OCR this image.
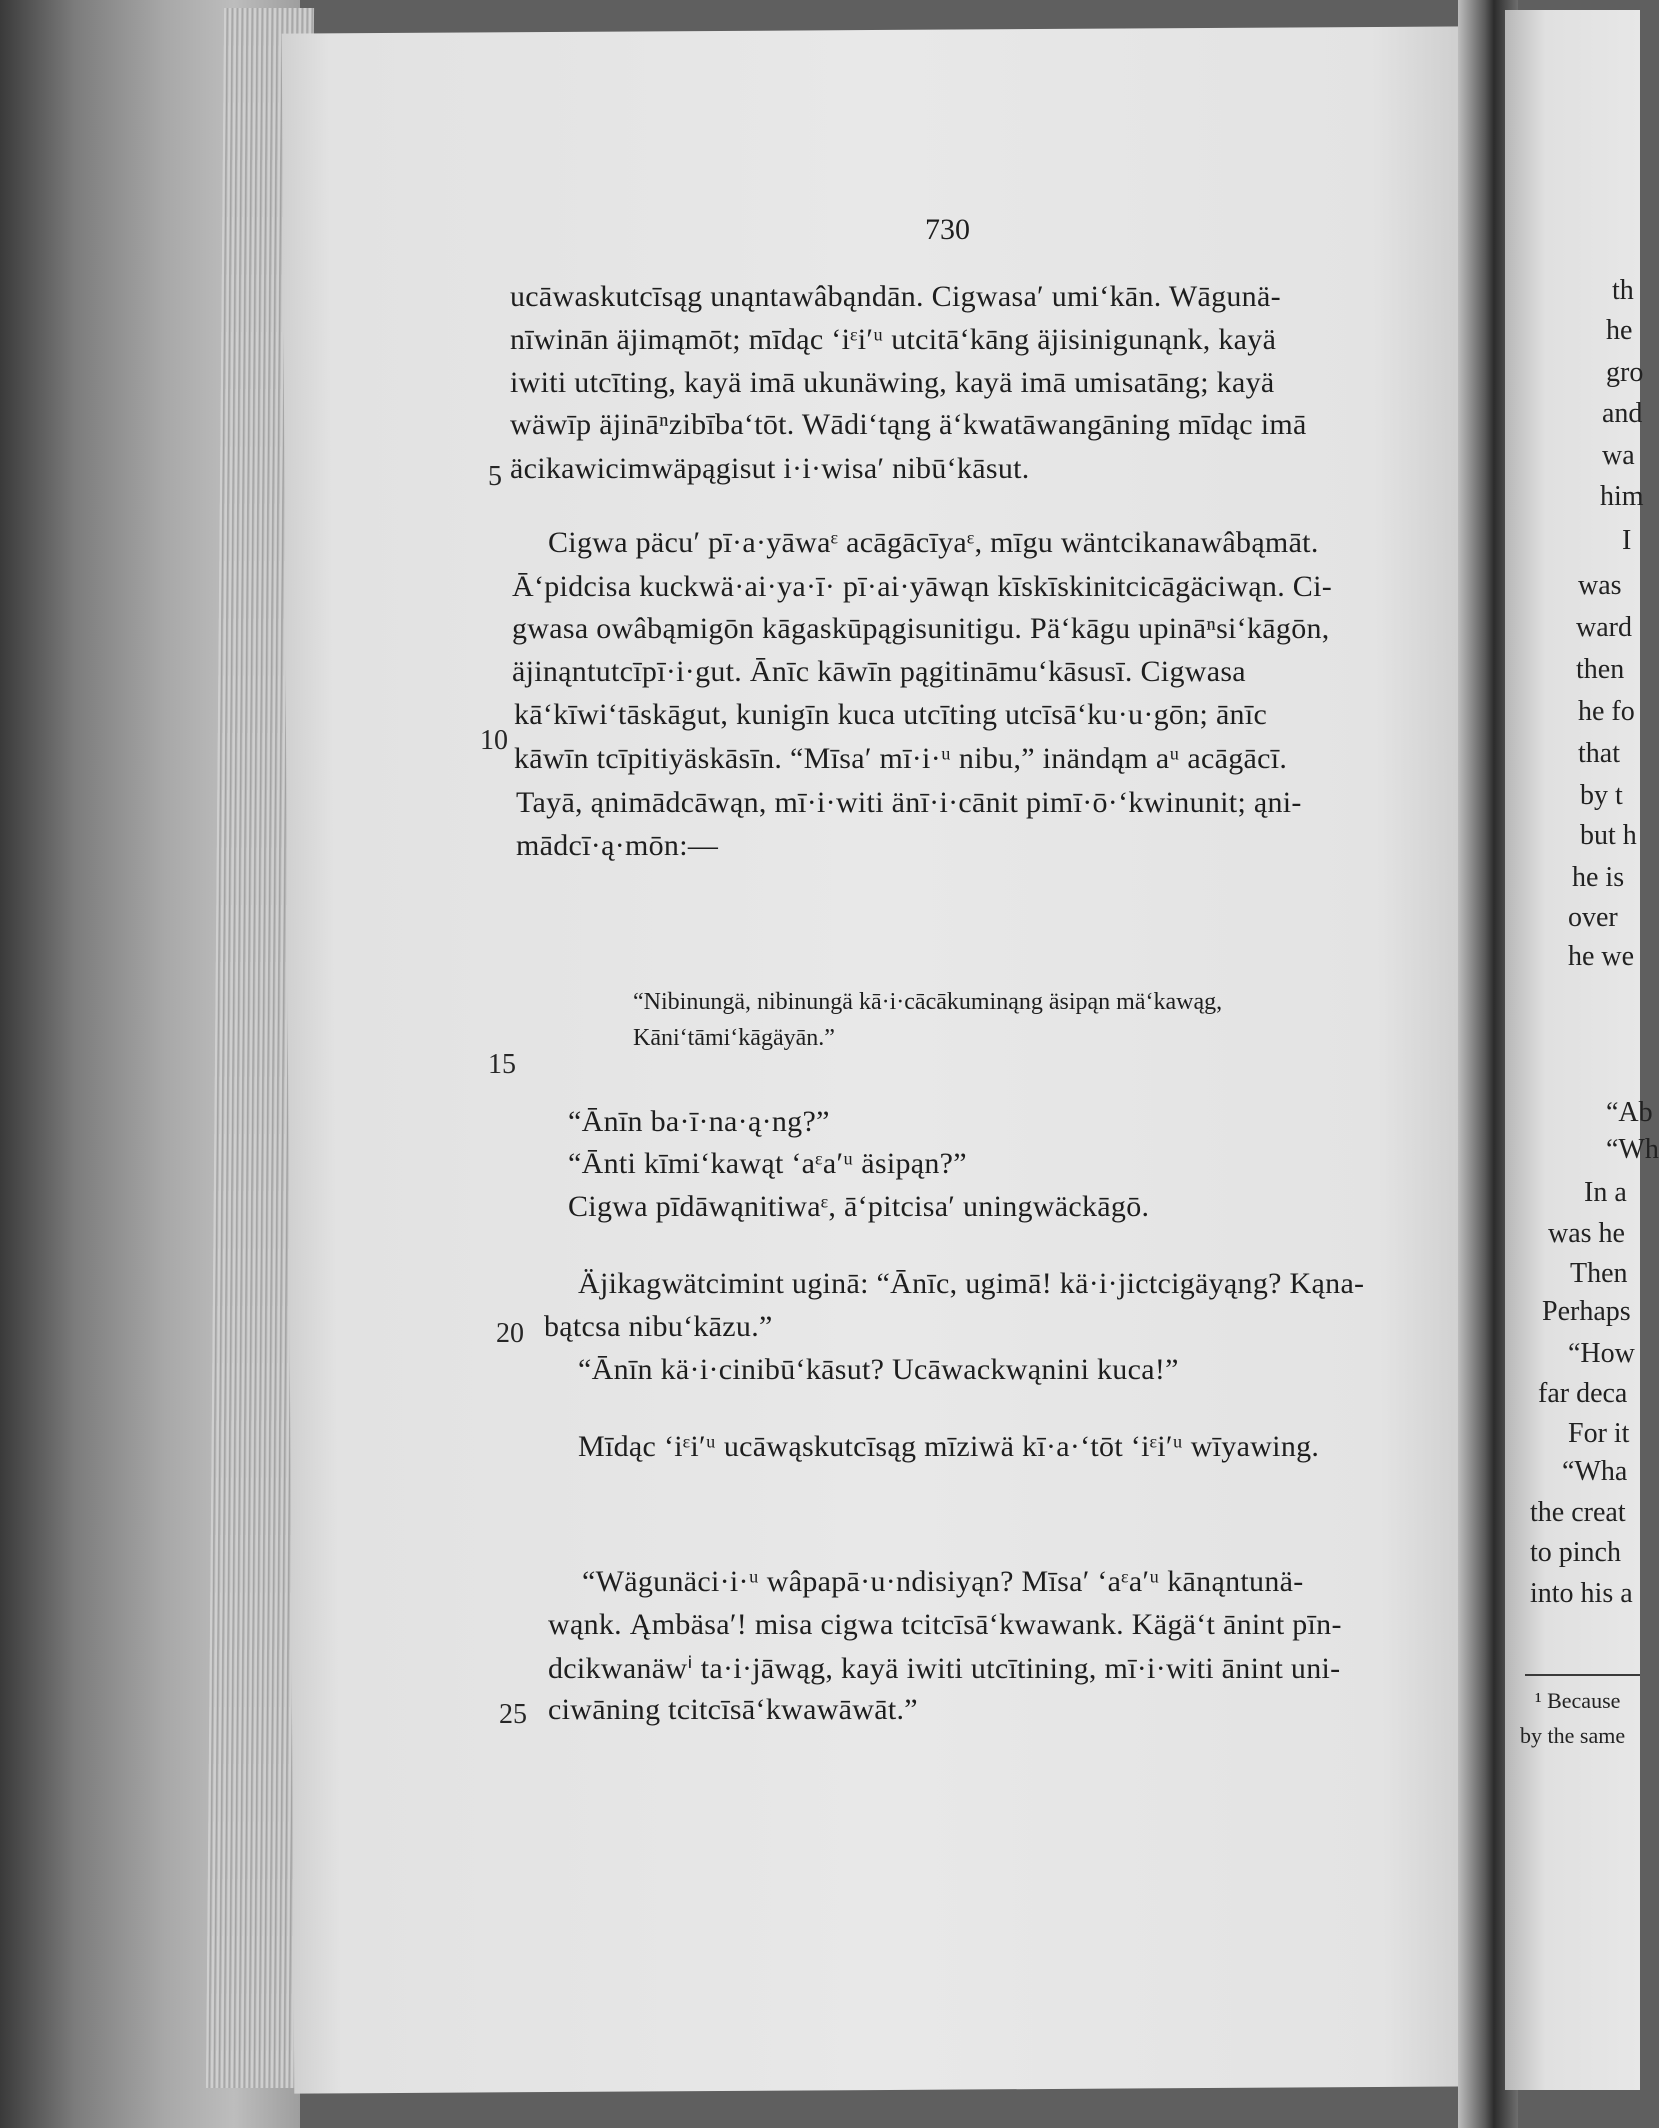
730
5
10
15
20
25
ucāwaskutcīsąg unąntawâbąndān. Cigwasa′ umi‘kān. Wāgunä-
nīwinān äjimąmōt; mīdąc ‘iᵋi′ᵘ utcitā‘kāng äjisinigunąnk, kayä
iwiti utcīting, kayä imā ukunäwing, kayä imā umisatāng; kayä
wäwīp äjināⁿzibība‘tōt. Wādi‘tąng ä‘kwatāwangāning mīdąc imā
äcikawicimwäpągisut i·i·wisa′ nibū‘kāsut.
Cigwa päcu′ pī·a·yāwaᵋ acāgācīyaᵋ, mīgu wäntcikanawâbąmāt.
Ā‘pidcisa kuckwä·ai·ya·ī· pī·ai·yāwąn kīskīskinitcicāgäciwąn. Ci-
gwasa owâbąmigōn kāgaskūpągisunitigu. Pä‘kāgu upināⁿsi‘kāgōn,
äjinąntutcīpī·i·gut. Ānīc kāwīn pągitināmu‘kāsusī. Cigwasa
kā‘kīwi‘tāskāgut, kunigīn kuca utcīting utcīsā‘ku·u·gōn; ānīc
kāwīn tcīpitiyäskāsīn. “Mīsa′ mī·i·ᵘ nibu,” inändąm aᵘ acāgācī.
Tayā, ąnimādcāwąn, mī·i·witi änī·i·cānit pimī·ō·‘kwinunit; ąni-
mādcī·ą·mōn:—
“Nibinungä, nibinungä kā·i·cācākuminąng äsipąn mä‘kawąg,
Kāni‘tāmi‘kāgäyān.”
“Ānīn ba·ī·na·ą·ng?”
“Ānti kīmi‘kawąt ‘aᵋa′ᵘ äsipąn?”
Cigwa pīdāwąnitiwaᵋ, ā‘pitcisa′ uningwäckāgō.
Äjikagwätcimint uginā: “Ānīc, ugimā! kä·i·jictcigäyąng? Kąna-
bątcsa nibu‘kāzu.”
“Ānīn kä·i·cinibū‘kāsut? Ucāwackwąnini kuca!”
Mīdąc ‘iᵋi′ᵘ ucāwąskutcīsąg mīziwä kī·a·‘tōt ‘iᵋi′ᵘ wīyawing.
“Wägunäci·i·ᵘ wâpapā·u·ndisiyąn? Mīsa′ ‘aᵋa′ᵘ kānąntunä-
wąnk. Ąmbäsa′! misa cigwa tcitcīsā‘kwawank. Kägä‘t ānint pīn-
dcikwanäwⁱ ta·i·jāwąg, kayä iwiti utcītining, mī·i·witi ānint uni-
ciwāning tcitcīsā‘kwawāwāt.”
th
he
gro
and
wa
him
I
was
ward
then
he fo
that
by t
but h
he is
over
he we
“Ab
“Wh
In a
was he
Then
Perhaps
“How
far deca
For it
“Wha
the creat
to pinch
into his a
¹ Because
by the same
